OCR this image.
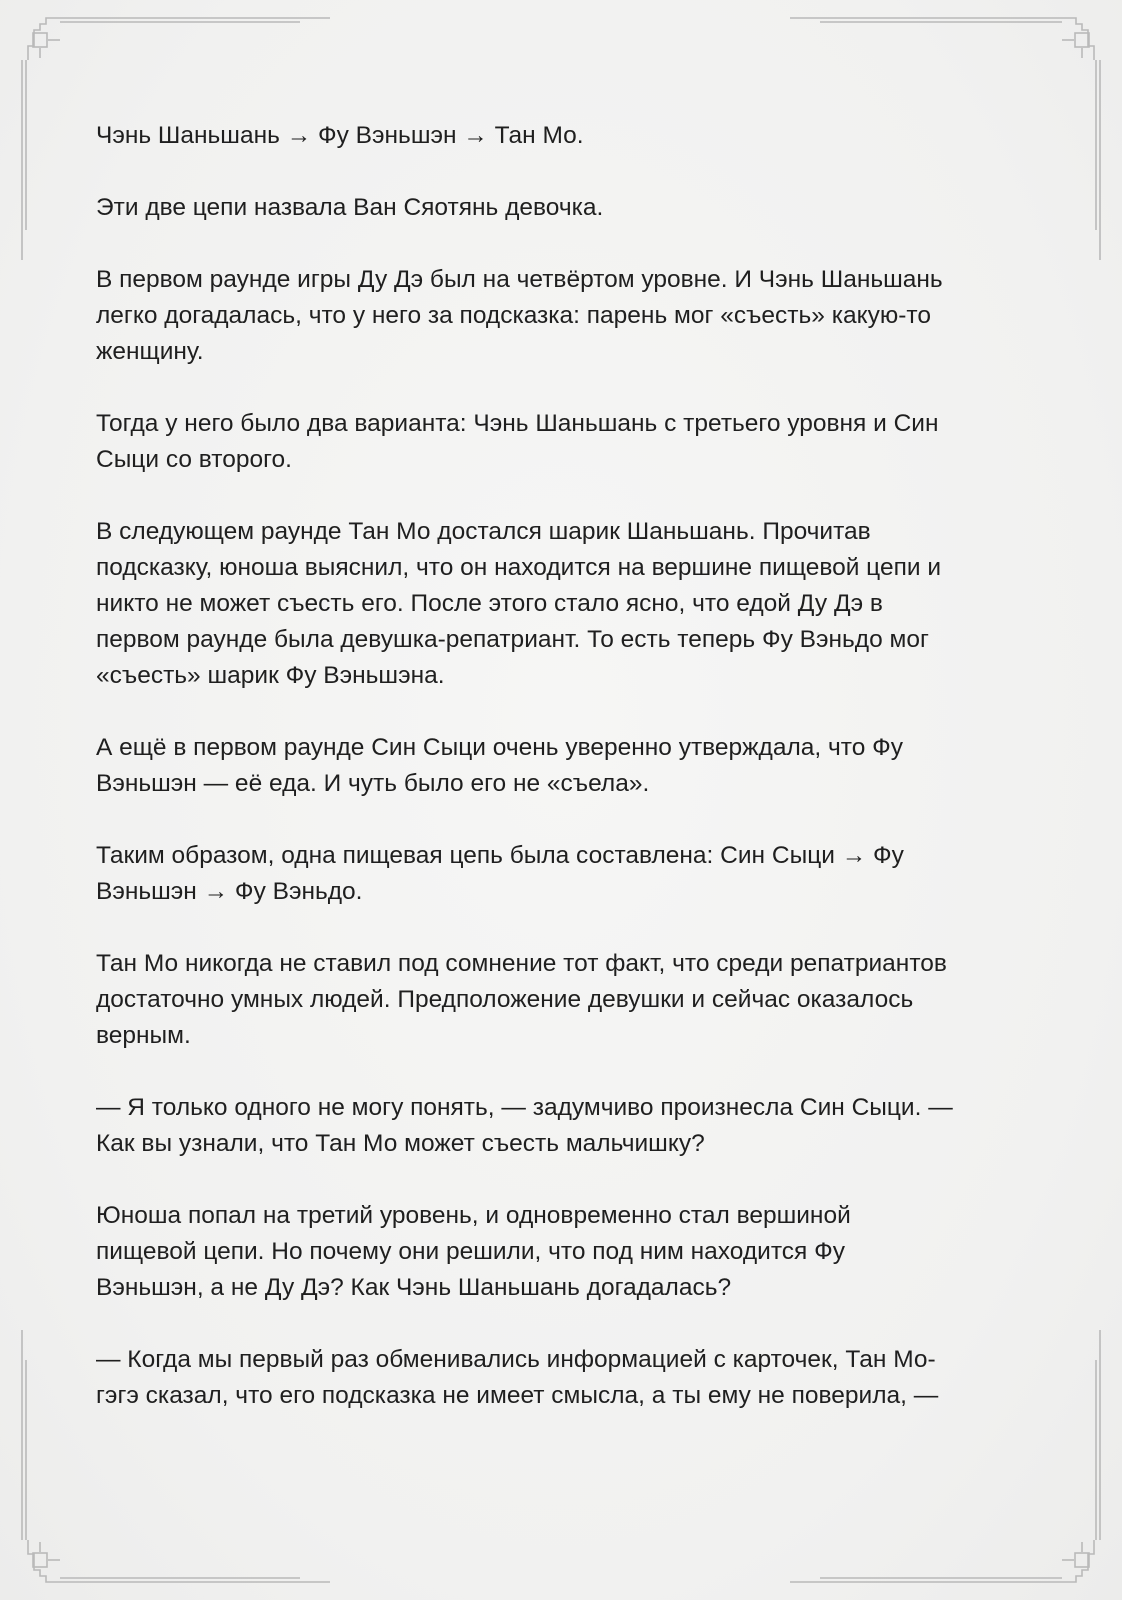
Чэнь Шаньшань → Фу Вэньшэн → Тан Мо.

Эти две цепи назвала Ван Сяотянь девочка.

В первом раунде игры Ду Дэ был на четвёртом уровне. И Чэнь Шаньшань
легко догадалась, что у него за подсказка: парень мог «съесть» какую-то
женщину.

Тогда у него было два варианта: Чэнь Шаньшань с третьего уровня и Син
Сыци со второго.

В следующем раунде Тан Мо достался шарик Шаньшань. Прочитав
подсказку, юноша выяснил, что он находится на вершине пищевой цепи и
никто не может съесть его. После этого стало ясно, что едой Ду Дэ в
первом раунде была девушка-репатриант. То есть теперь Фу Вэньдо мог
«съесть» шарик Фу Вэньшэна.

А ещё в первом раунде Син Сыци очень уверенно утверждала, что Фу
Вэньшэн — её еда. И чуть было его не «съела».

Таким образом, одна пищевая цепь была составлена: Син Сыци → Фу
Вэньшэн → Фу Вэньдо.

Тан Мо никогда не ставил под сомнение тот факт, что среди репатриантов
достаточно умных людей. Предположение девушки и сейчас оказалось
верным.

— Я только одного не могу понять, — задумчиво произнесла Син Сыци. —
Как вы узнали, что Тан Мо может съесть мальчишку?

Юноша попал на третий уровень, и одновременно стал вершиной
пищевой цепи. Но почему они решили, что под ним находится Фу
Вэньшэн, а не Ду Дэ? Как Чэнь Шаньшань догадалась?

— Когда мы первый раз обменивались информацией с карточек, Тан Мо-
гэгэ сказал, что его подсказка не имеет смысла, а ты ему не поверила, —
